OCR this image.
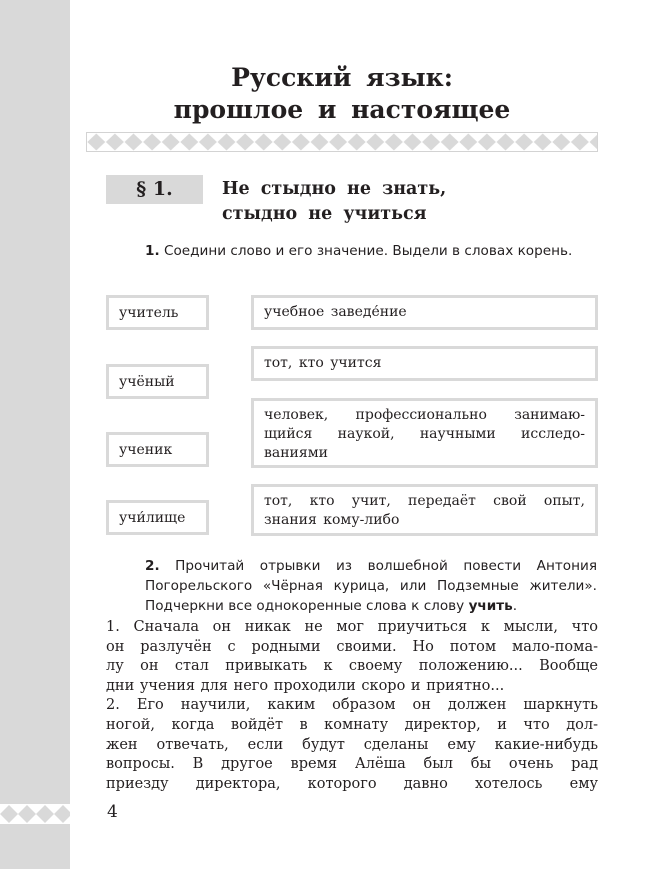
Русский язык:
прошлое и настоящее
§ 1.	Не стыдно не знать,
стыдно не учиться
1. Соедини слово и его значение. Выдели в словах корень.
учитель
учёный
ученик
учи́лище
учебное заведе́ние
тот, кто учится
человек, профессионально занимаю-
щийся наукой, научными исследо-
ваниями
тот, кто учит, передаёт свой опыт,
знания кому-либо
2. Прочитай отрывки из волшебной повести Антония Погорельского «Чёрная курица, или Подземные жители». Подчеркни все однокоренные слова к слову учить.
1. Сначала он никак не мог приучиться к мысли, что
он разлучён с родными своими. Но потом мало-пома-
лу он стал привыкать к своему положению... Вообще
дни учения для него проходили скоро и приятно...
2. Его научили, каким образом он должен шаркнуть
ногой, когда войдёт в комнату директор, и что дол-
жен отвечать, если будут сделаны ему какие-нибудь
вопросы. В другое время Алёша был бы очень рад
приезду директора, которого давно хотелось ему
4
